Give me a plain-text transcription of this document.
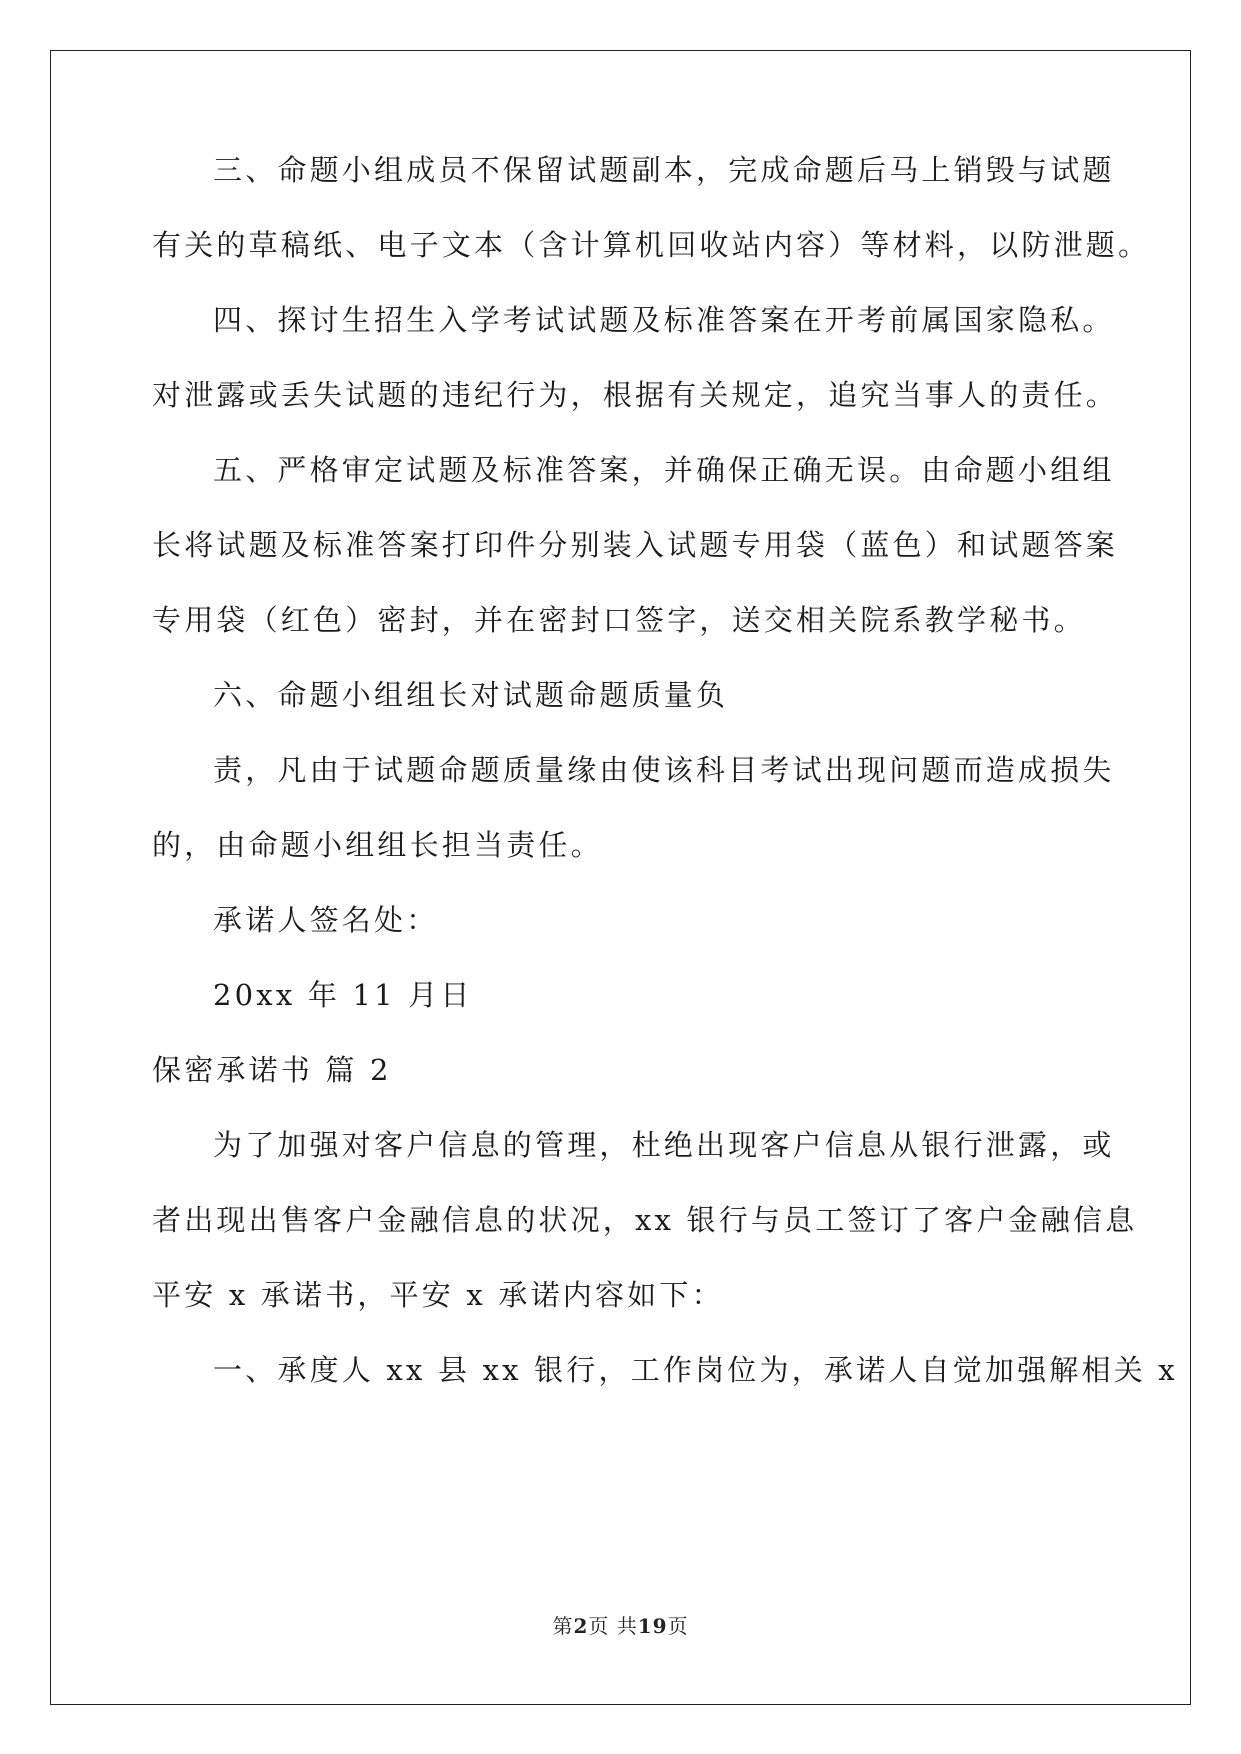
三、命题小组成员不保留试题副本，完成命题后马上销毁与试题
有关的草稿纸、电子文本（含计算机回收站内容）等材料，以防泄题。
四、探讨生招生入学考试试题及标准答案在开考前属国家隐私。
对泄露或丢失试题的违纪行为，根据有关规定，追究当事人的责任。
五、严格审定试题及标准答案，并确保正确无误。由命题小组组
长将试题及标准答案打印件分别装入试题专用袋（蓝色）和试题答案
专用袋（红色）密封，并在密封口签字，送交相关院系教学秘书。
六、命题小组组长对试题命题质量负
责，凡由于试题命题质量缘由使该科目考试出现问题而造成损失
的，由命题小组组长担当责任。
承诺人签名处：
20xx 年 11 月日
保密承诺书 篇 2
为了加强对客户信息的管理，杜绝出现客户信息从银行泄露，或
者出现出售客户金融信息的状况，xx 银行与员工签订了客户金融信息
平安 x 承诺书，平安 x 承诺内容如下：
一、承度人 xx 县 xx 银行，工作岗位为，承诺人自觉加强解相关 x
第2页 共19页
